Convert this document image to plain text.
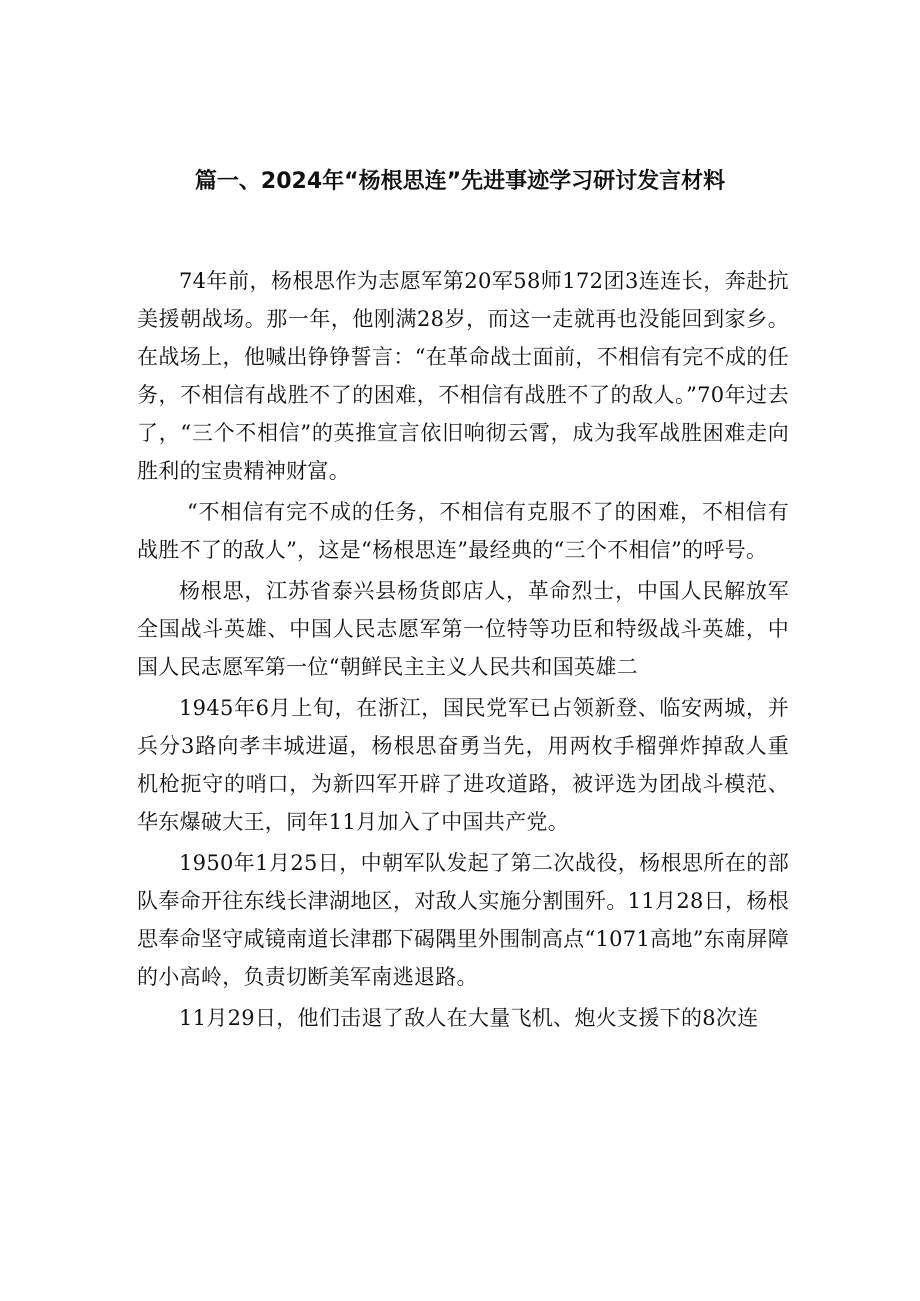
篇一、2024年“杨根思连”先进事迹学习研讨发言材料

74年前，杨根思作为志愿军第20军58师172团3连连长，奔赴抗美援朝战场。那一年，他刚满28岁，而这一走就再也没能回到家乡。在战场上，他喊出铮铮誓言：“在革命战士面前，不相信有完不成的任务，不相信有战胜不了的困难，不相信有战胜不了的敌人。”70年过去了，“三个不相信”的英推宣言依旧响彻云霄，成为我军战胜困难走向胜利的宝贵精神财富。

“不相信有完不成的任务，不相信有克服不了的困难，不相信有战胜不了的敌人”，这是“杨根思连”最经典的“三个不相信”的呼号。

杨根思，江苏省泰兴县杨货郎店人，革命烈士，中国人民解放军全国战斗英雄、中国人民志愿军第一位特等功臣和特级战斗英雄，中国人民志愿军第一位“朝鲜民主主义人民共和国英雄二

1945年6月上旬，在浙江，国民党军已占领新登、临安两城，并兵分3路向孝丰城进逼，杨根思奋勇当先，用两枚手榴弹炸掉敌人重机枪扼守的哨口，为新四军开辟了进攻道路，被评选为团战斗模范、华东爆破大王，同年11月加入了中国共产党。

1950年1月25日，中朝军队发起了第二次战役，杨根思所在的部队奉命开往东线长津湖地区，对敌人实施分割围歼。11月28日，杨根思奉命坚守咸镜南道长津郡下碣隅里外围制高点“1071高地”东南屏障的小高岭，负责切断美军南逃退路。

11月29日，他们击退了敌人在大量飞机、炮火支援下的8次连
